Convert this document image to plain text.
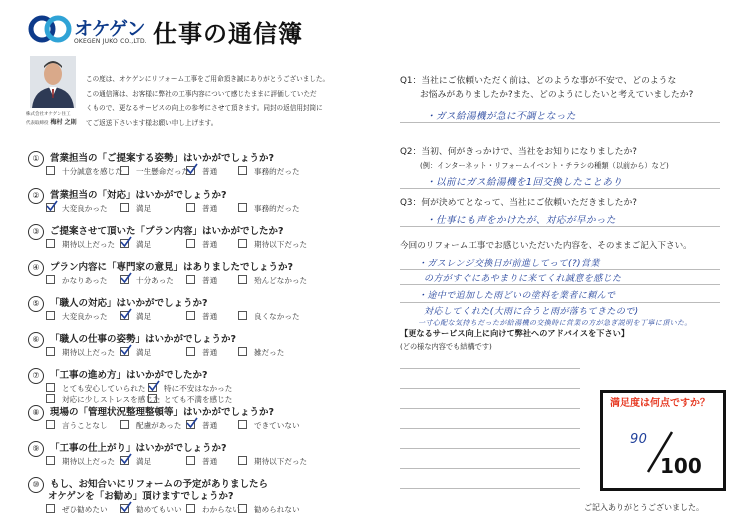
オケゲン
OKEGEN JUKO CO.,LTD. 仕事の通信簿
株式会社オケゲン住工
代表取締役 梅村 之則
この度は、オケゲンにリフォーム工事をご用命頂き誠にありがとうございました。
この通信簿は、お客様に弊社の工事内容について感じたままに評価していただ
くもので、更なるサービスの向上の参考にさせて頂きます。同封の返信用封筒に
てご返送下さいます様お願い申し上げます。
① 営業担当の「ご提案する姿勢」はいかがでしょうか?
十分誠意を感じた 一生懸命だった 普通	事務的だった
② 営業担当の「対応」はいかがでしょうか?
大変良かった	満足	普通	事務的だった
③ ご提案させて頂いた「プラン内容」はいかがでしたか?
期待以上だった	満足	普通	期待以下だった
④ プラン内容に「専門家の意見」はありましたでしょうか?
かなりあった	十分あった	普通	殆んどなかった
⑤ 「職人の対応」はいかがでしょうか?
大変良かった	満足	普通	良くなかった
⑥ 「職人の仕事の姿勢」はいかがでしょうか?
期待以上だった	満足	普通	雑だった
⑦ 「工事の進め方」はいかがでしたか?
とても安心していられた 特に不安はなかった
対応に少しストレスを感じた とても不満を感じた
⑧ 現場の「管理状況整理整頓等」はいかがでしょうか?
言うことなし	配慮があった	普通	できていない
⑨ 「工事の仕上がり」はいかがでしょうか?
期待以上だった	満足	普通	期待以下だった
⑩ もし、お知合いにリフォームの予定がありましたら
オケゲンを「お勧め」頂けますでしょうか?
ぜひ勧めたい	勧めてもいい	わからない 勧められない
Q1：当社にご依頼いただく前は、どのような事が不安で、どのような
お悩みがありましたか?また、どのようにしたいと考えていましたか?
・ガス給湯機が急に不調となった
Q2：当初、何がきっかけで、当社をお知りになりましたか?
(例：インターネット・リフォームイベント・チラシの種類（以前から）など)
・以前にガス給湯機を1回交換したことあり
Q3：何が決めてとなって、当社にご依頼いただきましたか?
・仕事にも声をかけたが、対応が早かった
今回のリフォーム工事でお感じいただいた内容を、そのままご記入下さい。
・ガスレンジ交換日が前進してって(?)営業
の方がすぐにあやまりに来てくれ誠意を感じた
・途中で追加した雨どいの塗料を業者に頼んで
対応してくれた(大雨に合うと雨が落ちてきたので)
一寸心配な気持ちだったが給湯機の交換時に営業の方が急ぎ説明を丁寧に頂いた。
【更なるサービス向上に向けて弊社へのアドバイスを下さい】
(どの様な内容でも結構です)
満足度は何点ですか？
90
100
ご記入ありがとうございました。
